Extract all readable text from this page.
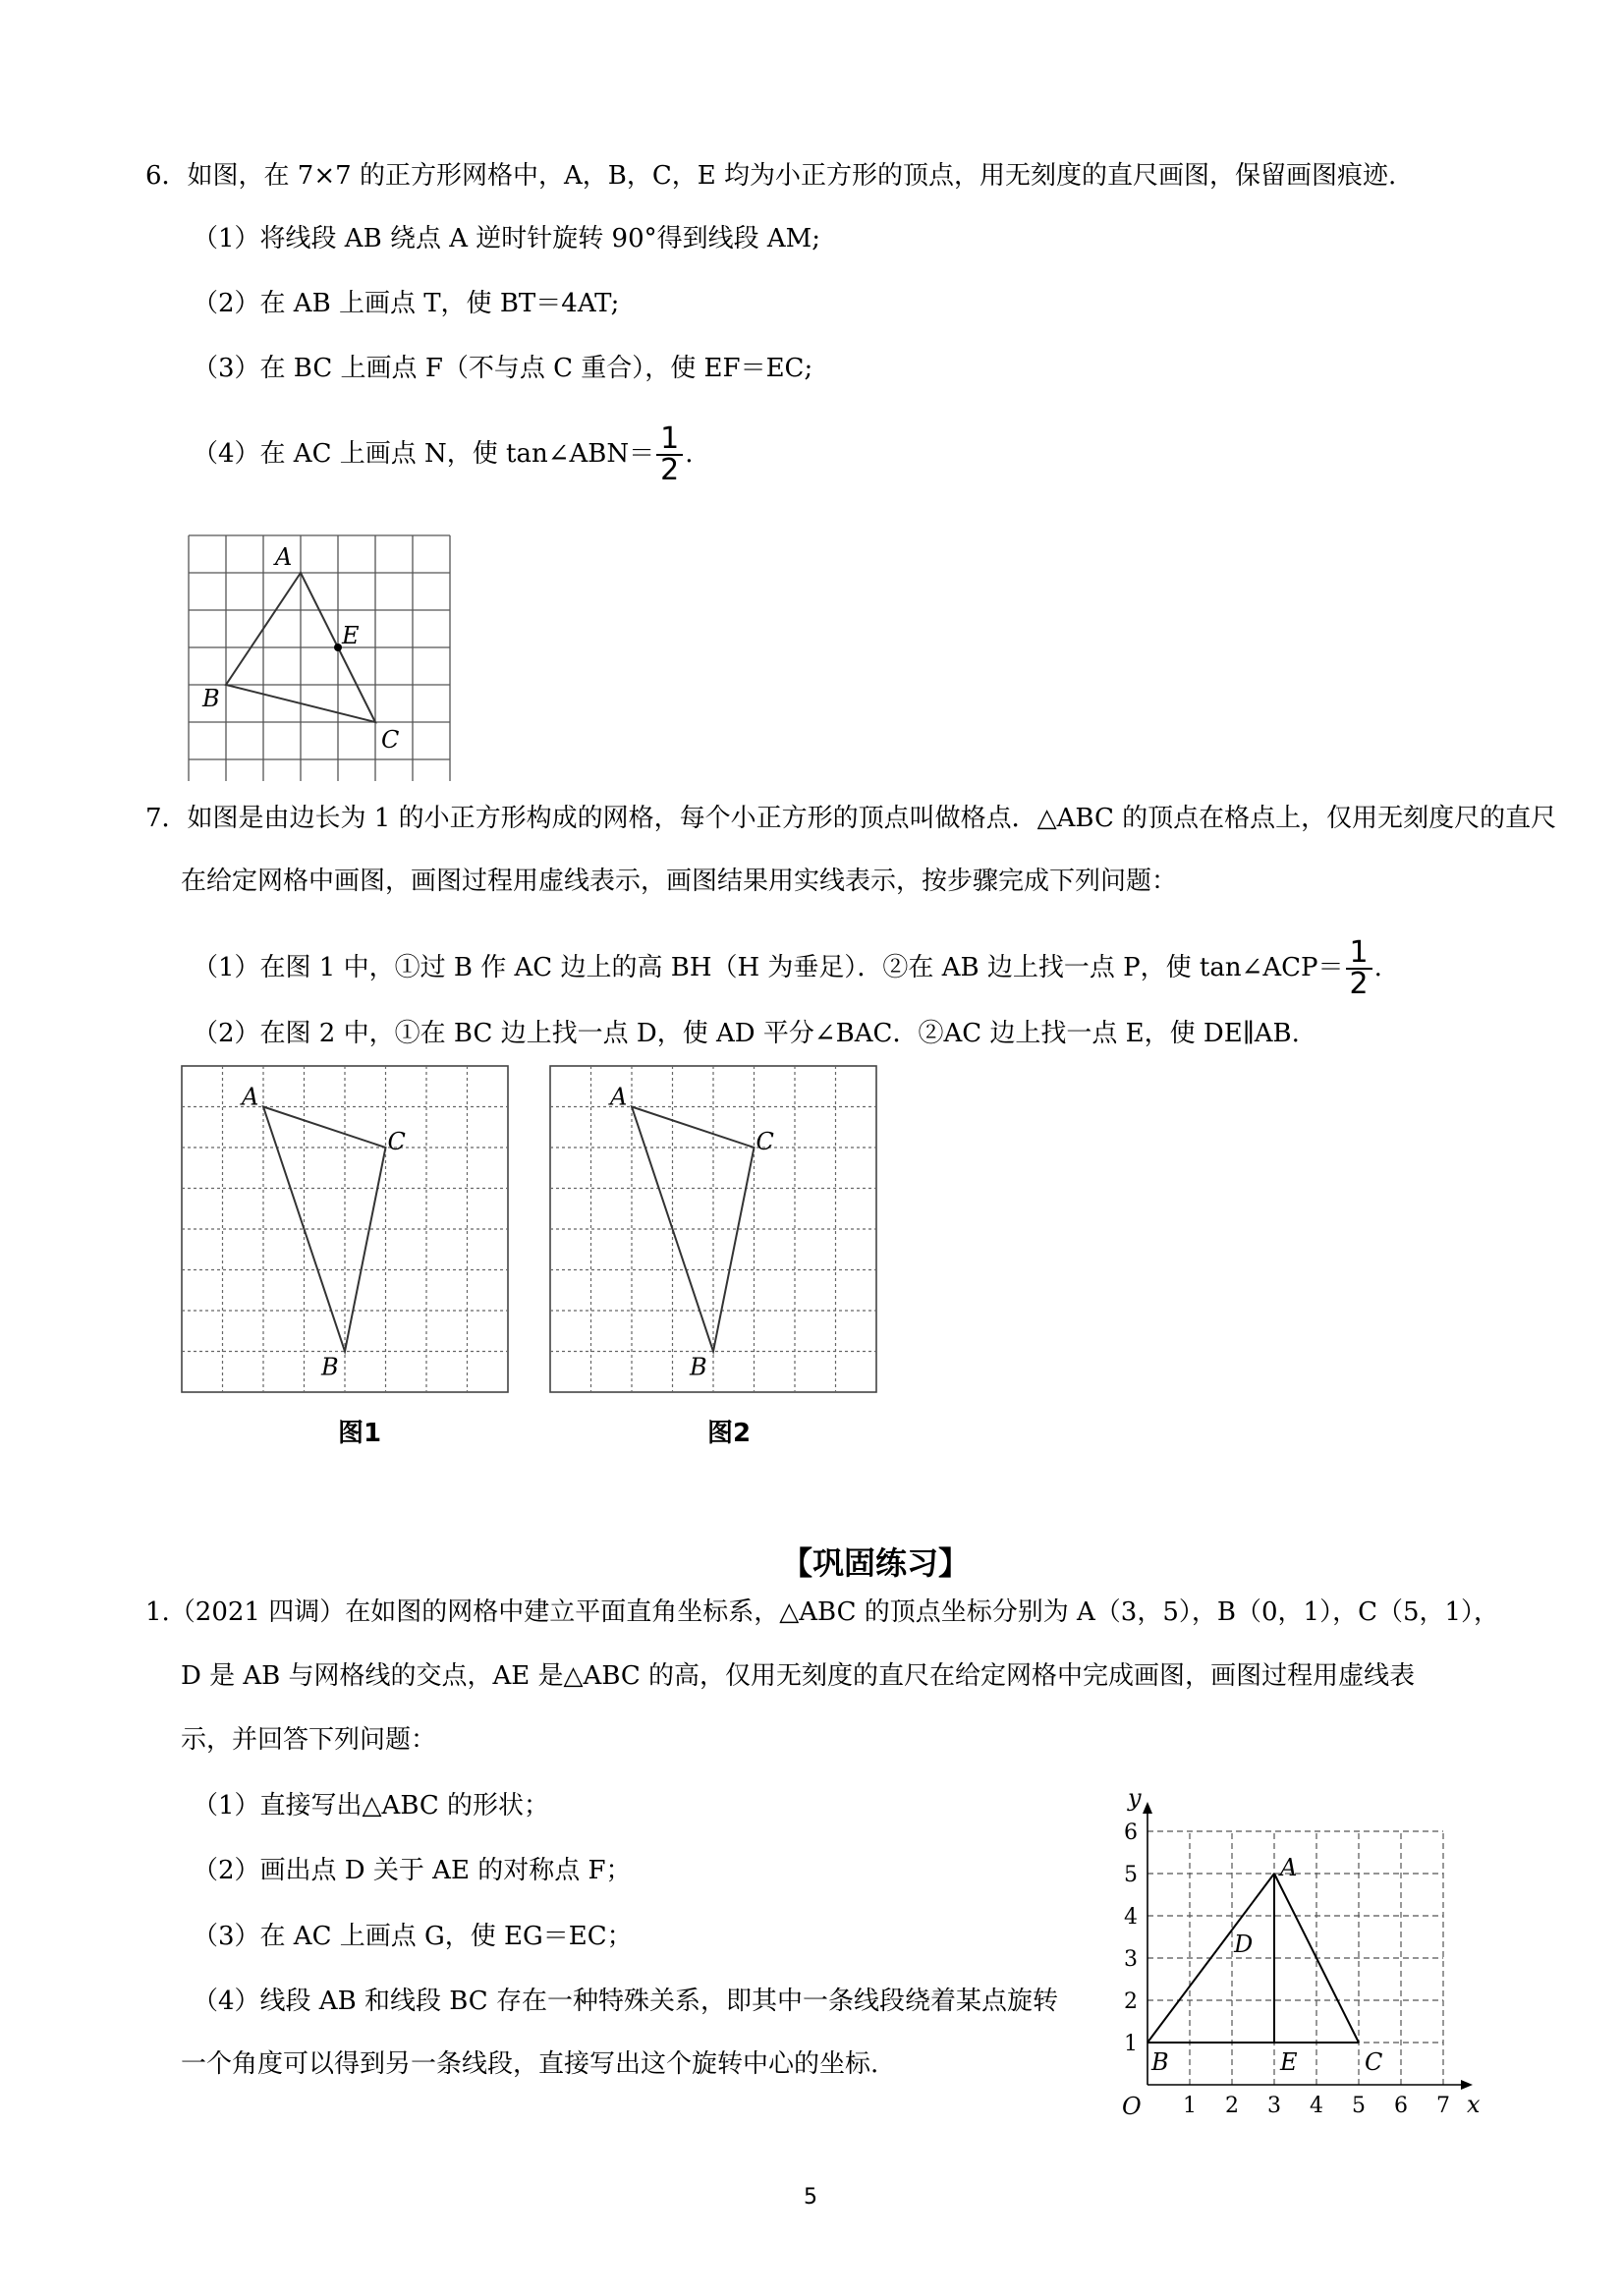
6．如图，在 7×7 的正方形网格中，A，B，C，E 均为小正方形的顶点，用无刻度的直尺画图，保留画图痕迹.
（1）将线段 AB 绕点 A 逆时针旋转 90°得到线段 AM;
（2）在 AB 上画点 T，使 BT＝4AT;
（3）在 BC 上画点 F（不与点 C 重合），使 EF＝EC;
（4）在 AC 上画点 N，使 tan∠ABN＝ $\frac{1}{2}$ .
A
B
C
E
7．如图是由边长为 1 的小正方形构成的网格，每个小正方形的顶点叫做格点．△ABC 的顶点在格点上，仅用无刻度尺的直尺
在给定网格中画图，画图过程用虚线表示，画图结果用实线表示，按步骤完成下列问题：
（1）在图 1 中，①过 B 作 AC 边上的高 BH（H 为垂足）．②在 AB 边上找一点 P，使 tan∠ACP＝ $\frac{1}{2}$ .
（2）在图 2 中，①在 BC 边上找一点 D，使 AD 平分∠BAC．②AC 边上找一点 E，使 DE∥AB.
A
C
B
A
C
B
图1	图2
【巩固练习】
1.（2021 四调）在如图的网格中建立平面直角坐标系，△ABC 的顶点坐标分别为 A（3，5），B（0，1），C（5，1），
D 是 AB 与网格线的交点，AE 是△ABC 的高，仅用无刻度的直尺在给定网格中完成画图，画图过程用虚线表
示，并回答下列问题：
（1）直接写出△ABC 的形状；
（2）画出点 D 关于 AE 的对称点 F；
（3）在 AC 上画点 G，使 EG＝EC；
（4）线段 AB 和线段 BC 存在一种特殊关系，即其中一条线段绕着某点旋转
一个角度可以得到另一条线段，直接写出这个旋转中心的坐标.
1 2 3 4 5 6 7
1
2
3
4
5
6
O	x
y
A
B	C
E
D
5
